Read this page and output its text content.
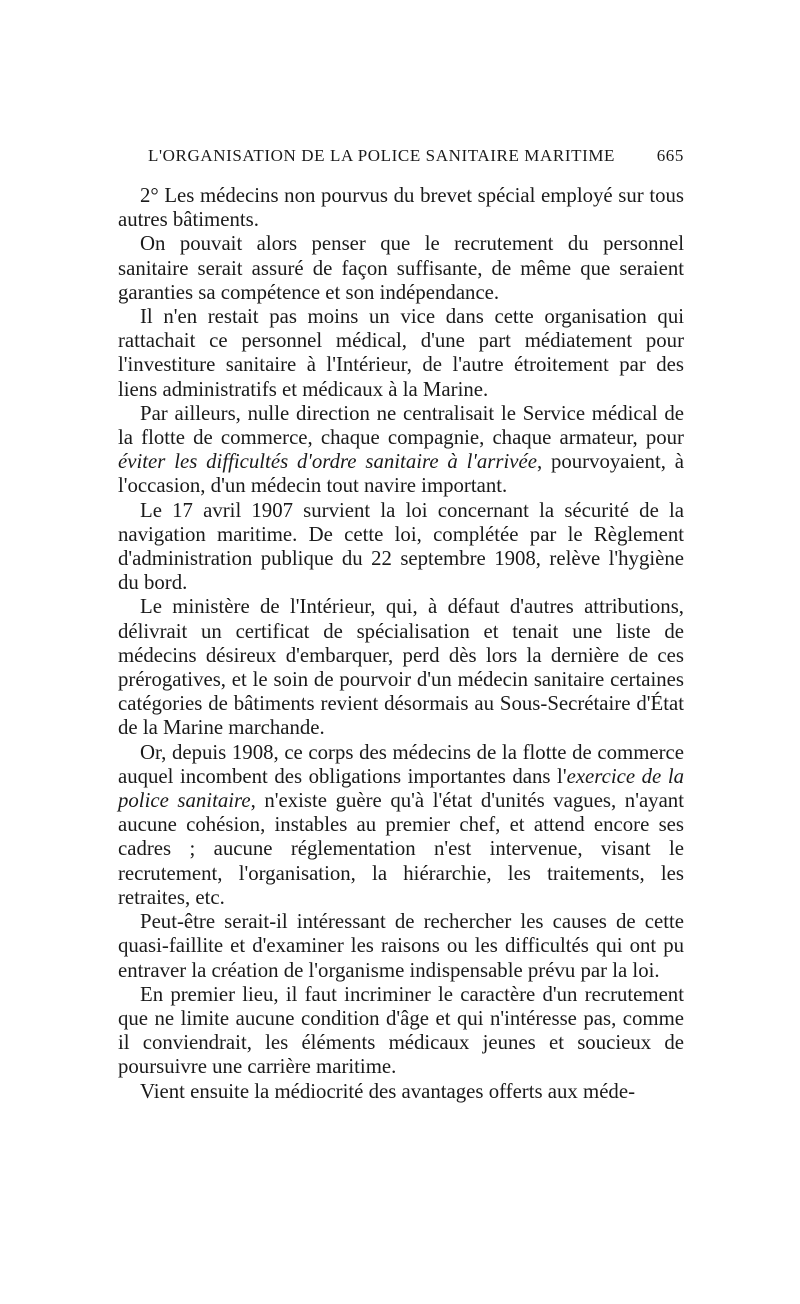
L'ORGANISATION DE LA POLICE SANITAIRE MARITIME 665

2° Les médecins non pourvus du brevet spécial employé sur tous autres bâtiments.

On pouvait alors penser que le recrutement du personnel sanitaire serait assuré de façon suffisante, de même que seraient garanties sa compétence et son indépendance.

Il n'en restait pas moins un vice dans cette organisation qui rattachait ce personnel médical, d'une part médiatement pour l'investiture sanitaire à l'Intérieur, de l'autre étroitement par des liens administratifs et médicaux à la Marine.

Par ailleurs, nulle direction ne centralisait le Service médical de la flotte de commerce, chaque compagnie, chaque armateur, pour éviter les difficultés d'ordre sanitaire à l'arrivée, pourvoyaient, à l'occasion, d'un médecin tout navire important.

Le 17 avril 1907 survient la loi concernant la sécurité de la navigation maritime. De cette loi, complétée par le Règlement d'administration publique du 22 septembre 1908, relève l'hygiène du bord.

Le ministère de l'Intérieur, qui, à défaut d'autres attributions, délivrait un certificat de spécialisation et tenait une liste de médecins désireux d'embarquer, perd dès lors la dernière de ces prérogatives, et le soin de pourvoir d'un médecin sanitaire certaines catégories de bâtiments revient désormais au Sous-Secrétaire d'État de la Marine marchande.

Or, depuis 1908, ce corps des médecins de la flotte de commerce auquel incombent des obligations importantes dans l'exercice de la police sanitaire, n'existe guère qu'à l'état d'unités vagues, n'ayant aucune cohésion, instables au premier chef, et attend encore ses cadres ; aucune réglementation n'est intervenue, visant le recrutement, l'organisation, la hiérarchie, les traitements, les retraites, etc.

Peut-être serait-il intéressant de rechercher les causes de cette quasi-faillite et d'examiner les raisons ou les difficultés qui ont pu entraver la création de l'organisme indispensable prévu par la loi.

En premier lieu, il faut incriminer le caractère d'un recrutement que ne limite aucune condition d'âge et qui n'intéresse pas, comme il conviendrait, les éléments médicaux jeunes et soucieux de poursuivre une carrière maritime.

Vient ensuite la médiocrité des avantages offerts aux méde-
